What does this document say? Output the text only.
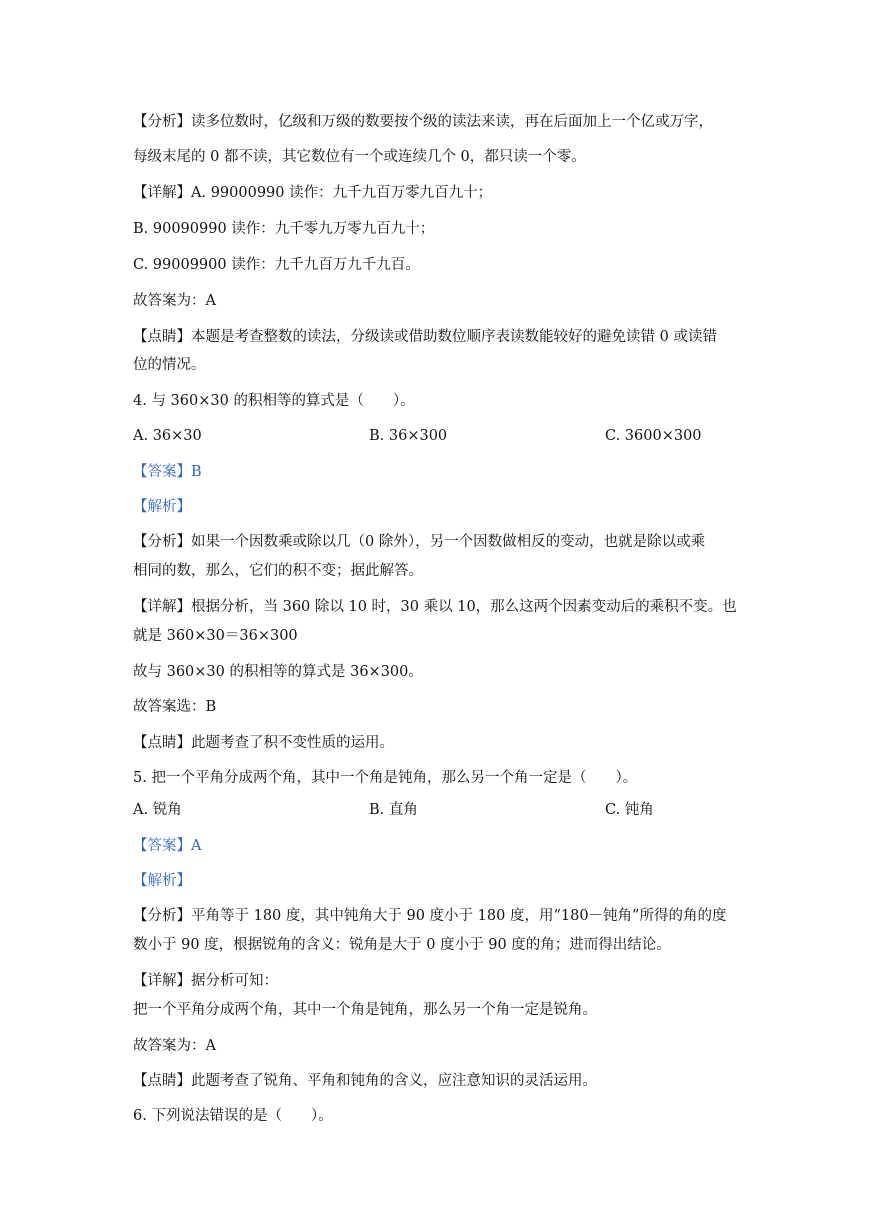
【分析】读多位数时，亿级和万级的数要按个级的读法来读，再在后面加上一个亿或万字，
每级末尾的 0 都不读，其它数位有一个或连续几个 0，都只读一个零。
【详解】A. 99000990 读作：九千九百万零九百九十；
B. 90090990 读作：九千零九万零九百九十；
C. 99009900 读作：九千九百万九千九百。
故答案为：A
【点睛】本题是考查整数的读法，分级读或借助数位顺序表读数能较好的避免读错 0 或读错
位的情况。
4. 与 360×30 的积相等的算式是（　　）。
A. 36×30	B. 36×300	C. 3600×300
【答案】B
【解析】
【分析】如果一个因数乘或除以几（0 除外），另一个因数做相反的变动，也就是除以或乘
相同的数，那么，它们的积不变；据此解答。
【详解】根据分析，当 360 除以 10 时，30 乘以 10，那么这两个因素变动后的乘积不变。也
就是 360×30＝36×300
故与 360×30 的积相等的算式是 36×300。
故答案选：B
【点睛】此题考查了积不变性质的运用。
5. 把一个平角分成两个角，其中一个角是钝角，那么另一个角一定是（　　）。
A. 锐角	B. 直角	C. 钝角
【答案】A
【解析】
【分析】平角等于 180 度，其中钝角大于 90 度小于 180 度，用“180－钝角”所得的角的度
数小于 90 度，根据锐角的含义：锐角是大于 0 度小于 90 度的角；进而得出结论。
【详解】据分析可知：
把一个平角分成两个角，其中一个角是钝角，那么另一个角一定是锐角。
故答案为：A
【点睛】此题考查了锐角、平角和钝角的含义，应注意知识的灵活运用。
6. 下列说法错误的是（　　）。
